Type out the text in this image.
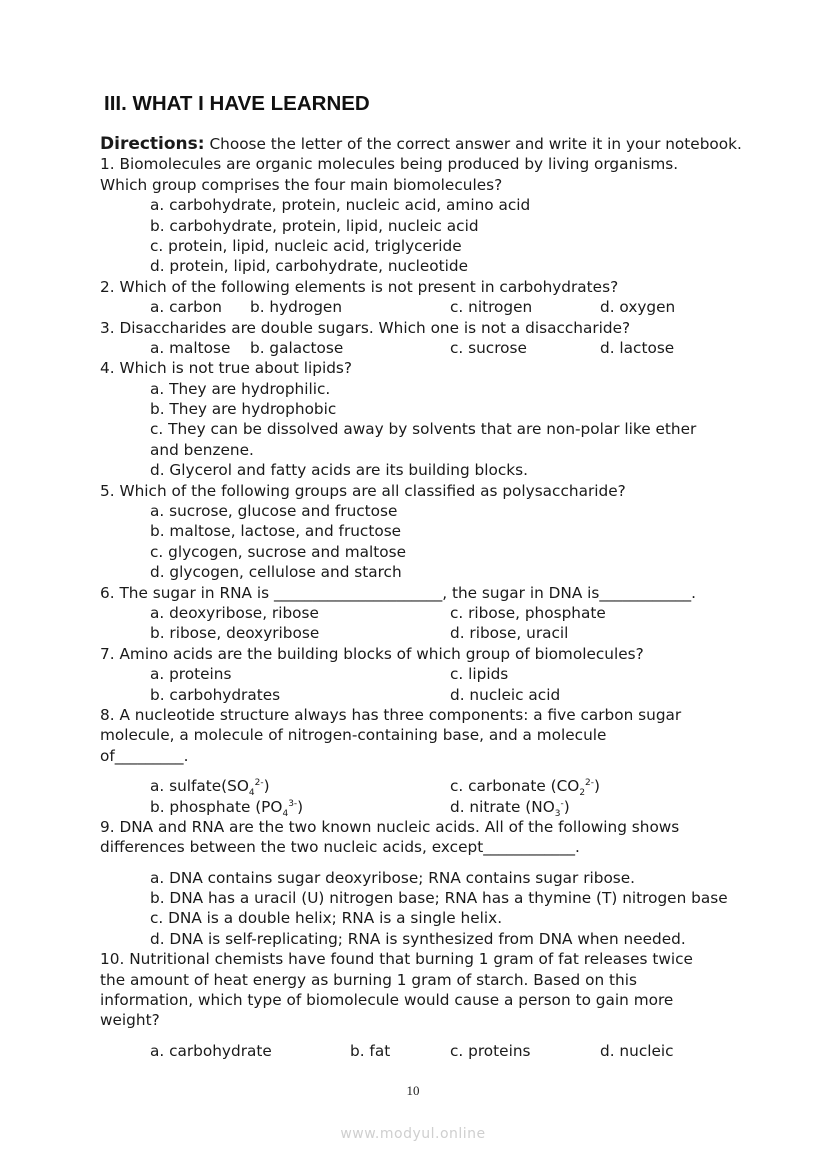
III. WHAT I HAVE LEARNED
Directions: Choose the letter of the correct answer and write it in your notebook.
1. Biomolecules are organic molecules being produced by living organisms.
Which group comprises the four main biomolecules?
a. carbohydrate, protein, nucleic acid, amino acid
b. carbohydrate, protein, lipid, nucleic acid
c. protein, lipid, nucleic acid, triglyceride
d. protein, lipid, carbohydrate, nucleotide
2. Which of the following elements is not present in carbohydrates?
a. carbon b. hydrogen	c. nitrogen	d. oxygen
3. Disaccharides are double sugars. Which one is not a disaccharide?
a. maltose b. galactose	c. sucrose	d. lactose
4. Which is not true about lipids?
a. They are hydrophilic.
b. They are hydrophobic
c. They can be dissolved away by solvents that are non-polar like ether
and benzene.
d. Glycerol and fatty acids are its building blocks.
5. Which of the following groups are all classified as polysaccharide?
a. sucrose, glucose and fructose
b. maltose, lactose, and fructose
c. glycogen, sucrose and maltose
d. glycogen, cellulose and starch
6. The sugar in RNA is ______________________, the sugar in DNA is____________.
a. deoxyribose, ribose	c. ribose, phosphate
b. ribose, deoxyribose	d. ribose, uracil
7. Amino acids are the building blocks of which group of biomolecules?
a. proteins	c. lipids
b. carbohydrates	d. nucleic acid
8. A nucleotide structure always has three components: a five carbon sugar
molecule, a molecule of nitrogen-containing base, and a molecule
of_________.
a. $sulfate(SO_4^{2-})$	c. carbonate $(CO_2^{2-})$
b. phosphate $(PO_4^{3-})$	d. nitrate $(NO_3^-)$
9. DNA and RNA are the two known nucleic acids. All of the following shows
differences between the two nucleic acids, except____________.
a. DNA contains sugar deoxyribose; RNA contains sugar ribose.
b. DNA has a uracil (U) nitrogen base; RNA has a thymine (T) nitrogen base
c. DNA is a double helix; RNA is a single helix.
d. DNA is self-replicating; RNA is synthesized from DNA when needed.
10. Nutritional chemists have found that burning 1 gram of fat releases twice
the amount of heat energy as burning 1 gram of starch. Based on this
information, which type of biomolecule would cause a person to gain more
weight?
a. carbohydrate	b. fat	c. proteins	d. nucleic
10
www.modyul.online
